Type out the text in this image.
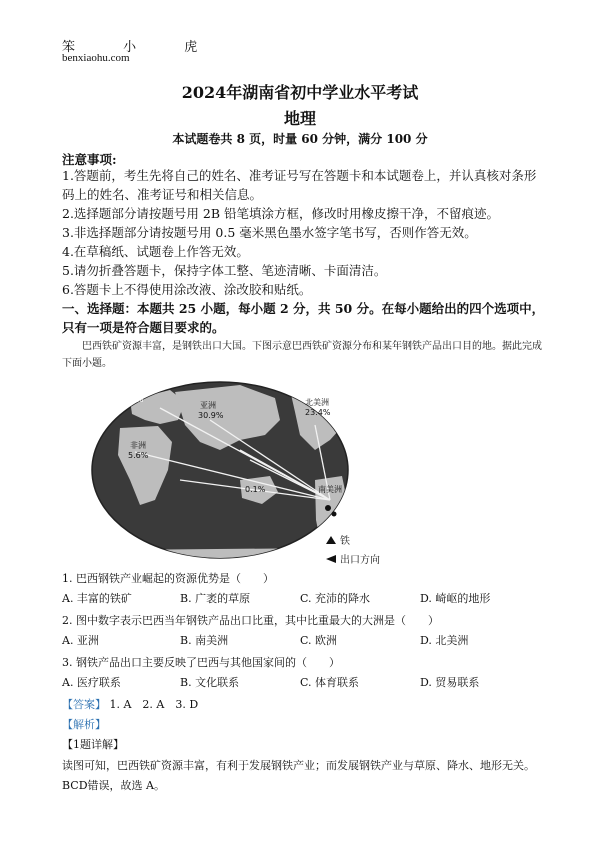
笨 小 虎
benxiaohu.com
2024年湖南省初中学业水平考试
地理
本试题卷共 8 页，时量 60 分钟，满分 100 分
注意事项:
1.答题前，考生先将自己的姓名、准考证号写在答题卡和本试题卷上，并认真核对条形码上的姓名、准考证号和相关信息。
2.选择题部分请按题号用 2B 铅笔填涂方框，修改时用橡皮擦干净，不留痕迹。
3.非选择题部分请按题号用 0.5 毫米黑色墨水签字笔书写，否则作答无效。
4.在草稿纸、试题卷上作答无效。
5.请勿折叠答题卡，保持字体工整、笔迹清晰、卡面清洁。
6.答题卡上不得使用涂改液、涂改胶和贴纸。
一、选择题：本题共 25 小题，每小题 2 分，共 50 分。在每小题给出的四个选项中，只有一项是符合题目要求的。
巴西铁矿资源丰富，是钢铁出口大国。下图示意巴西铁矿资源分布和某年钢铁产品出口目的地。据此完成下面小题。
11.6%
亚洲
30.9%
北美洲
23.4%
非洲
5.6%
南美洲
0.1%
铁
出口方向
1. 巴西钢铁产业崛起的资源优势是（　　）
A. 丰富的铁矿	B. 广袤的草原	C. 充沛的降水	D. 崎岖的地形
2. 图中数字表示巴西当年钢铁产品出口比重，其中比重最大的大洲是（　　）
A. 亚洲	B. 南美洲	C. 欧洲	D. 北美洲
3. 钢铁产品出口主要反映了巴西与其他国家间的（　　）
A. 医疗联系	B. 文化联系	C. 体育联系	D. 贸易联系
【答案】 1. A　2. A　3. D
【解析】
【1题详解】
读图可知，巴西铁矿资源丰富，有利于发展钢铁产业；而发展钢铁产业与草原、降水、地形无关。BCD错误，故选 A。
